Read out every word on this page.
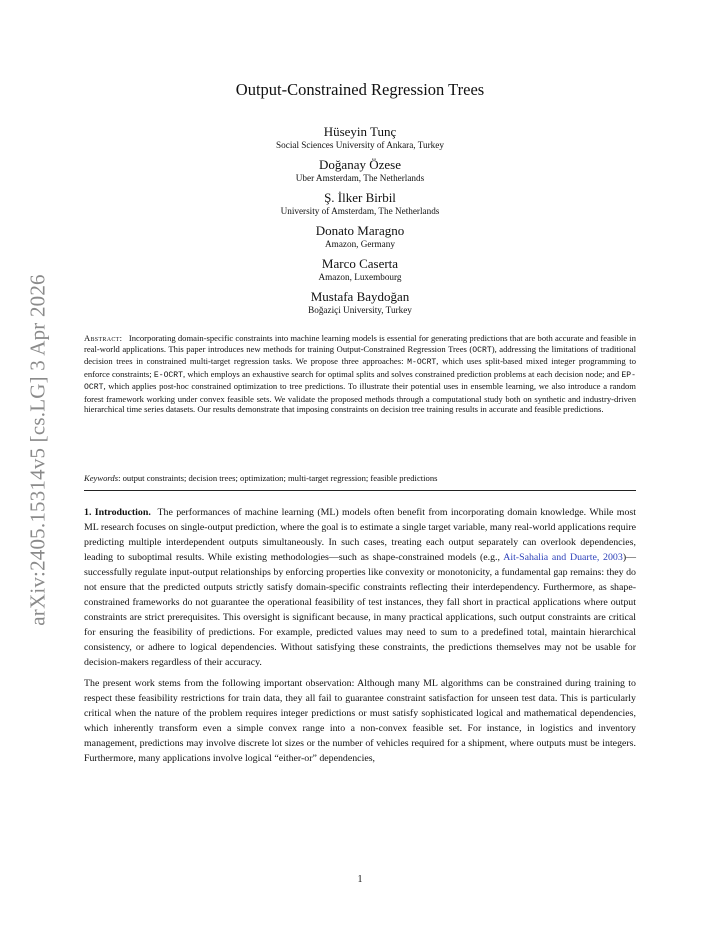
arXiv:2405.15314v5 [cs.LG] 3 Apr 2026
Output-Constrained Regression Trees
Hüseyin Tunç
Social Sciences University of Ankara, Turkey
Doğanay Özese
Uber Amsterdam, The Netherlands
Ş. İlker Birbil
University of Amsterdam, The Netherlands
Donato Maragno
Amazon, Germany
Marco Caserta
Amazon, Luxembourg
Mustafa Baydoğan
Boğaziçi University, Turkey
Abstract: Incorporating domain-specific constraints into machine learning models is essential for generating predictions that are both accurate and feasible in real-world applications. This paper introduces new methods for training Output-Constrained Regression Trees (OCRT), addressing the limitations of traditional decision trees in constrained multi-target regression tasks. We propose three approaches: M-OCRT, which uses split-based mixed integer programming to enforce constraints; E-OCRT, which employs an exhaustive search for optimal splits and solves constrained prediction problems at each decision node; and EP-OCRT, which applies post-hoc constrained optimization to tree predictions. To illustrate their potential uses in ensemble learning, we also introduce a random forest framework working under convex feasible sets. We validate the proposed methods through a computational study both on synthetic and industry-driven hierarchical time series datasets. Our results demonstrate that imposing constraints on decision tree training results in accurate and feasible predictions.
Keywords: output constraints; decision trees; optimization; multi-target regression; feasible predictions

1. Introduction. The performances of machine learning (ML) models often benefit from incorporating domain knowledge. While most ML research focuses on single-output prediction, where the goal is to estimate a single target variable, many real-world applications require predicting multiple interdependent outputs simultaneously. In such cases, treating each output separately can overlook dependencies, leading to suboptimal results. While existing methodologies—such as shape-constrained models (e.g., Ait-Sahalia and Duarte, 2003)—successfully regulate input-output relationships by enforcing properties like convexity or monotonicity, a fundamental gap remains: they do not ensure that the predicted outputs strictly satisfy domain-specific constraints reflecting their interdependency. Furthermore, as shape-constrained frameworks do not guarantee the operational feasibility of test instances, they fall short in practical applications where output constraints are strict prerequisites. This oversight is significant because, in many practical applications, such output constraints are critical for ensuring the feasibility of predictions. For example, predicted values may need to sum to a predefined total, maintain hierarchical consistency, or adhere to logical dependencies. Without satisfying these constraints, the predictions themselves may not be usable for decision-makers regardless of their accuracy.

The present work stems from the following important observation: Although many ML algorithms can be constrained during training to respect these feasibility restrictions for train data, they all fail to guarantee constraint satisfaction for unseen test data. This is particularly critical when the nature of the problem requires integer predictions or must satisfy sophisticated logical and mathematical dependencies, which inherently transform even a simple convex range into a non-convex feasible set. For instance, in logistics and inventory management, predictions may involve discrete lot sizes or the number of vehicles required for a shipment, where outputs must be integers. Furthermore, many applications involve logical “either-or” dependencies,

1
